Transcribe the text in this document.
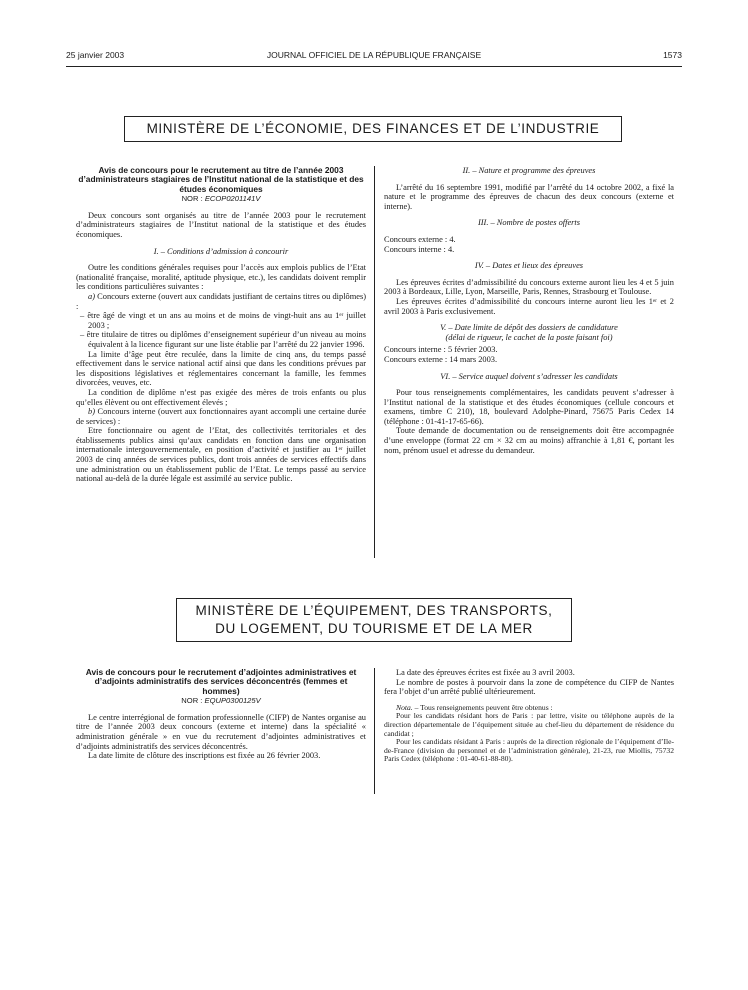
25 janvier 2003	JOURNAL OFFICIEL DE LA RÉPUBLIQUE FRANÇAISE	1573
MINISTÈRE DE L’ÉCONOMIE, DES FINANCES ET DE L’INDUSTRIE
Avis de concours pour le recrutement au titre de l’année 2003 d’administrateurs stagiaires de l’Institut national de la statistique et des études économiques
NOR : ECOP0201141V

Deux concours sont organisés au titre de l’année 2003 pour le recrutement d’administrateurs stagiaires de l’Institut national de la statistique et des études économiques.

I. – Conditions d’admission à concourir

Outre les conditions générales requises pour l’accès aux emplois publics de l’Etat (nationalité française, moralité, aptitude physique, etc.), les candidats doivent remplir les conditions particulières suivantes :

a) Concours externe (ouvert aux candidats justifiant de certains titres ou diplômes) :

– être âgé de vingt et un ans au moins et de moins de vingt-huit ans au 1ᵉʳ juillet 2003 ;
– être titulaire de titres ou diplômes d’enseignement supérieur d’un niveau au moins équivalent à la licence figurant sur une liste établie par l’arrêté du 22 janvier 1996.

La limite d’âge peut être reculée, dans la limite de cinq ans, du temps passé effectivement dans le service national actif ainsi que dans les conditions prévues par les dispositions législatives et réglementaires concernant la famille, les femmes divorcées, veuves, etc.

La condition de diplôme n’est pas exigée des mères de trois enfants ou plus qu’elles élèvent ou ont effectivement élevés ;

b) Concours interne (ouvert aux fonctionnaires ayant accompli une certaine durée de services) :

Etre fonctionnaire ou agent de l’Etat, des collectivités territoriales et des établissements publics ainsi qu’aux candidats en fonction dans une organisation internationale intergouvernementale, en position d’activité et justifier au 1ᵉʳ juillet 2003 de cinq années de services publics, dont trois années de services effectifs dans une administration ou un établissement public de l’Etat. Le temps passé au service national au-delà de la durée légale est assimilé au service public.

II. – Nature et programme des épreuves

L’arrêté du 16 septembre 1991, modifié par l’arrêté du 14 octobre 2002, a fixé la nature et le programme des épreuves de chacun des deux concours (externe et interne).

III. – Nombre de postes offerts
Concours externe : 4.
Concours interne : 4.
IV. – Dates et lieux des épreuves

Les épreuves écrites d’admissibilité du concours externe auront lieu les 4 et 5 juin 2003 à Bordeaux, Lille, Lyon, Marseille, Paris, Rennes, Strasbourg et Toulouse.

Les épreuves écrites d’admissibilité du concours interne auront lieu les 1ᵉʳ et 2 avril 2003 à Paris exclusivement.

V. – Date limite de dépôt des dossiers de candidature
(délai de rigueur, le cachet de la poste faisant foi)
Concours interne : 5 février 2003.
Concours externe : 14 mars 2003.
VI. – Service auquel doivent s’adresser les candidats

Pour tous renseignements complémentaires, les candidats peuvent s’adresser à l’Institut national de la statistique et des études économiques (cellule concours et examens, timbre C 210), 18, boulevard Adolphe-Pinard, 75675 Paris Cedex 14 (téléphone : 01-41-17-65-66).

Toute demande de documentation ou de renseignements doit être accompagnée d’une enveloppe (format 22 cm × 32 cm au moins) affranchie à 1,81 €, portant les nom, prénom usuel et adresse du demandeur.

MINISTÈRE DE L’ÉQUIPEMENT, DES TRANSPORTS,
DU LOGEMENT, DU TOURISME ET DE LA MER
Avis de concours pour le recrutement d’adjointes administratives et d’adjoints administratifs des services déconcentrés (femmes et hommes)
NOR : EQUP0300125V

Le centre interrégional de formation professionnelle (CIFP) de Nantes organise au titre de l’année 2003 deux concours (externe et interne) dans la spécialité « administration générale » en vue du recrutement d’adjointes administratives et d’adjoints administratifs des services déconcentrés.

La date limite de clôture des inscriptions est fixée au 26 février 2003.

La date des épreuves écrites est fixée au 3 avril 2003.

Le nombre de postes à pourvoir dans la zone de compétence du CIFP de Nantes fera l’objet d’un arrêté publié ultérieurement.

Nota. – Tous renseignements peuvent être obtenus :

Pour les candidats résidant hors de Paris : par lettre, visite ou téléphone auprès de la direction départementale de l’équipement située au chef-lieu du département de résidence du candidat ;

Pour les candidats résidant à Paris : auprès de la direction régionale de l’équipement d’Ile-de-France (division du personnel et de l’administration générale), 21-23, rue Miollis, 75732 Paris Cedex (téléphone : 01-40-61-88-80).
